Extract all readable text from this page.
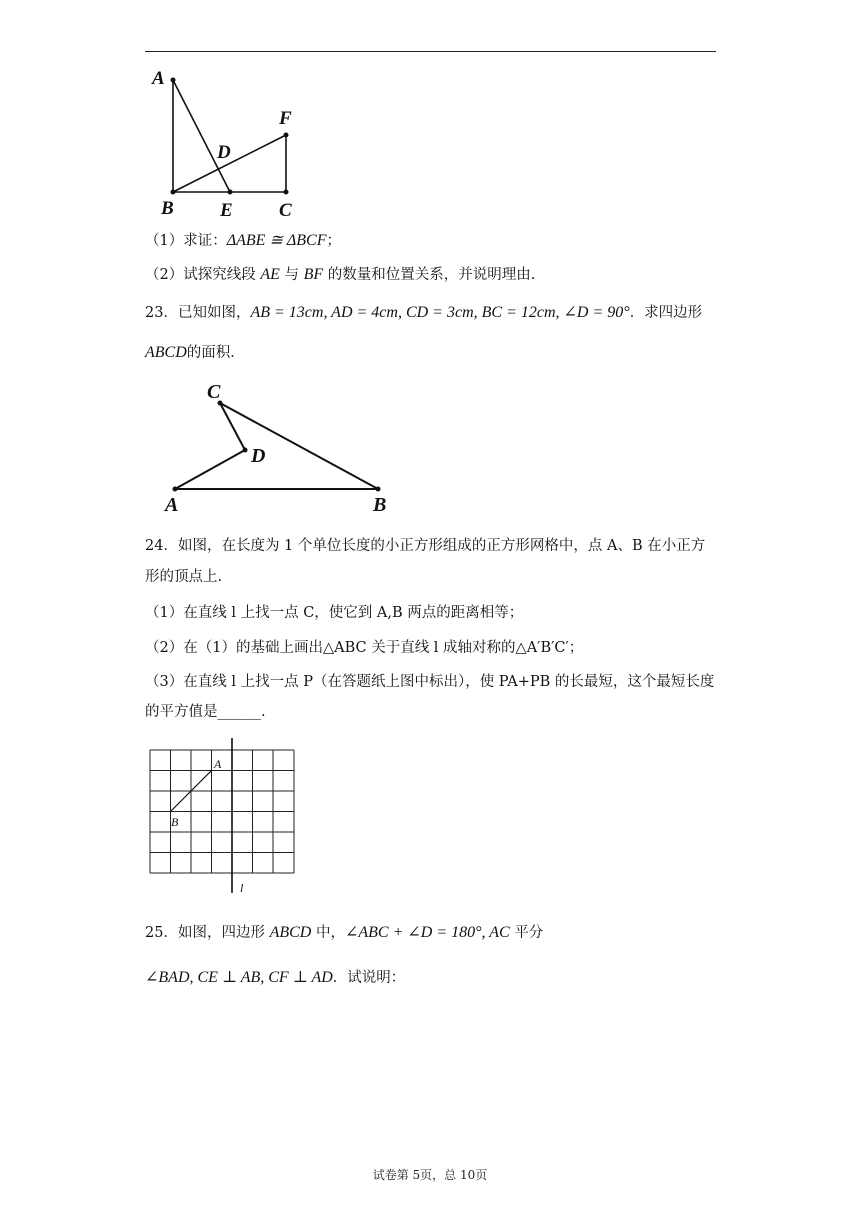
A
B E C
F
D
（1）求证：ΔABE ≅ ΔBCF；
（2）试探究线段 AE 与 BF 的数量和位置关系，并说明理由.
23．已知如图，AB = 13cm, AD = 4cm, CD = 3cm, BC = 12cm, ∠D = 90°．求四边形
ABCD的面积．
C
D
A	B
24．如图，在长度为 1 个单位长度的小正方形组成的正方形网格中，点 A、B 在小正方
形的顶点上.
（1）在直线 l 上找一点 C，使它到 A,B 两点的距离相等；
（2）在（1）的基础上画出△ABC 关于直线 l 成轴对称的△A′B′C′；
（3）在直线 l 上找一点 P（在答题纸上图中标出），使 PA+PB 的长最短，这个最短长度
的平方值是______.
A
B
l
25．如图，四边形 ABCD 中，∠ABC + ∠D = 180°, AC 平分
∠BAD, CE ⊥ AB, CF ⊥ AD．试说明：
试卷第 5页，总 10页
